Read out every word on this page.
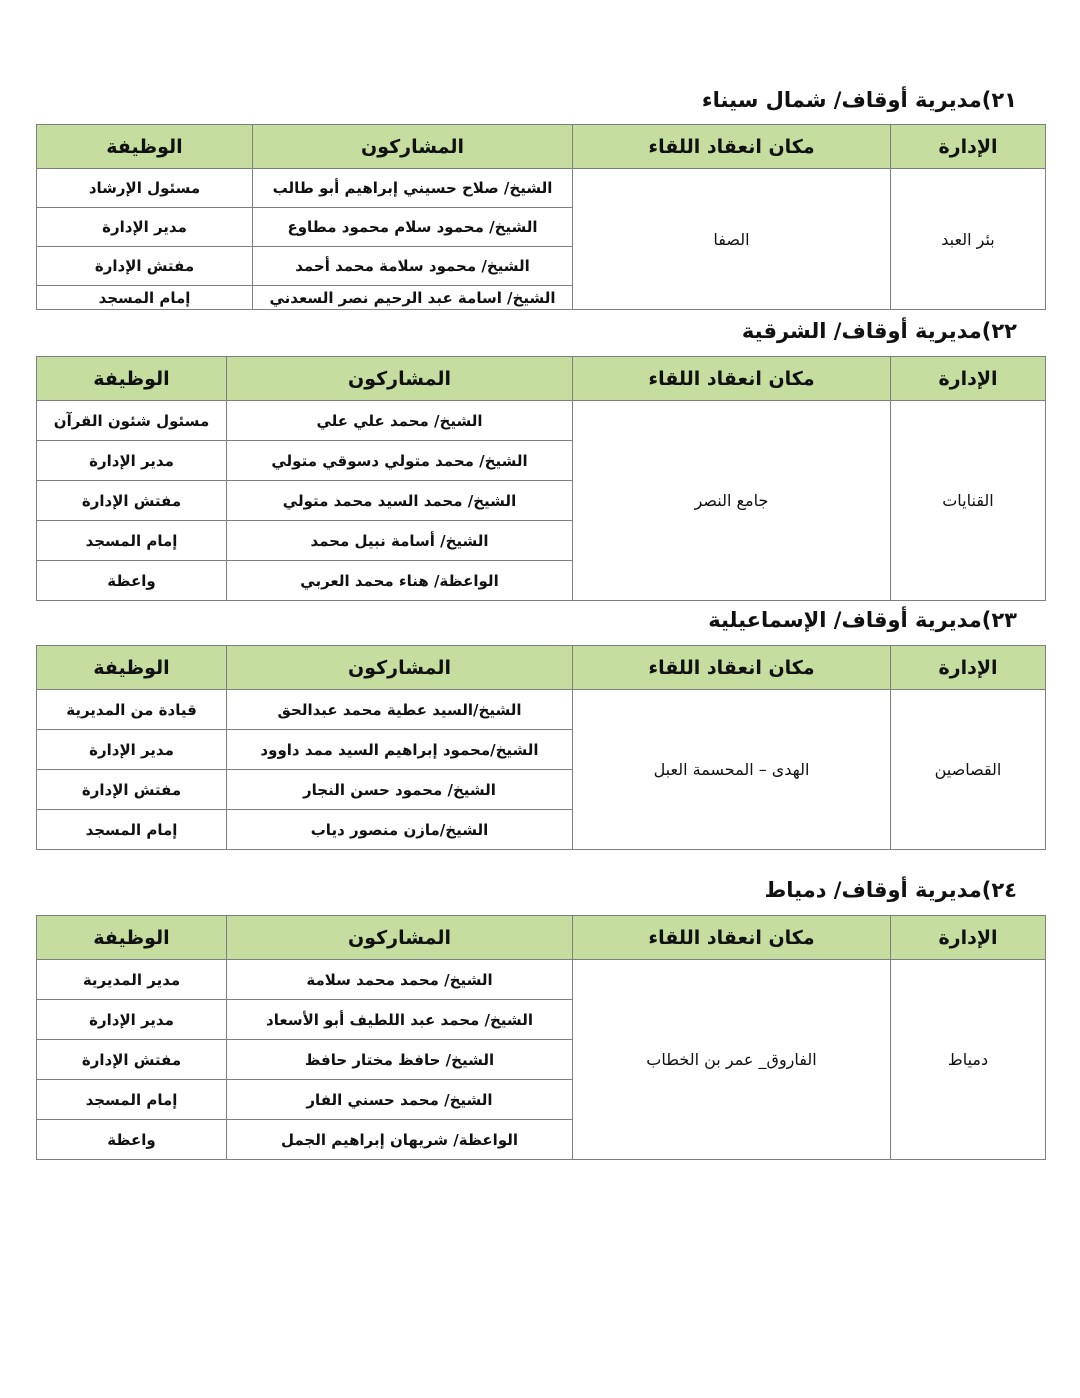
٢١)مديرية أوقاف/ شمال سيناء
الإدارة	مكان انعقاد اللقاء	المشاركون	الوظيفة
بئر العبد	الصفا	الشيخ/ صلاح حسيني إبراهيم أبو طالب	مسئول الإرشاد
		الشيخ/ محمود سلام محمود مطاوع	مدير الإدارة
		الشيخ/ محمود سلامة محمد أحمد	مفتش الإدارة
		الشيخ/ اسامة عبد الرحيم نصر السعدني	إمام المسجد
٢٢)مديرية أوقاف/ الشرقية
الإدارة	مكان انعقاد اللقاء	المشاركون	الوظيفة
القنايات	جامع النصر	الشيخ/ محمد علي علي	مسئول شئون القرآن
		الشيخ/ محمد متولي دسوقي متولي	مدير الإدارة
		الشيخ/ محمد السيد محمد متولي	مفتش الإدارة
		الشيخ/ أسامة نبيل محمد	إمام المسجد
		الواعظة/ هناء محمد العربي	واعظة
٢٣)مديرية أوقاف/ الإسماعيلية
الإدارة	مكان انعقاد اللقاء	المشاركون	الوظيفة
القصاصين	الهدى – المحسمة العبل	الشيخ/السيد عطية محمد عبدالحق	قيادة من المديرية
		الشيخ/محمود إبراهيم السيد ممد داوود	مدير الإدارة
		الشيخ/ محمود حسن النجار	مفتش الإدارة
		الشيخ/مازن منصور دياب	إمام المسجد
٢٤)مديرية أوقاف/ دمياط
الإدارة	مكان انعقاد اللقاء	المشاركون	الوظيفة
دمياط	الفاروق_ عمر بن الخطاب	الشيخ/ محمد محمد سلامة	مدير المديرية
		الشيخ/ محمد عبد اللطيف أبو الأسعاد	مدير الإدارة
		الشيخ/ حافظ مختار حافظ	مفتش الإدارة
		الشيخ/ محمد حسني الفار	إمام المسجد
		الواعظة/ شريهان إبراهيم الجمل	واعظة
